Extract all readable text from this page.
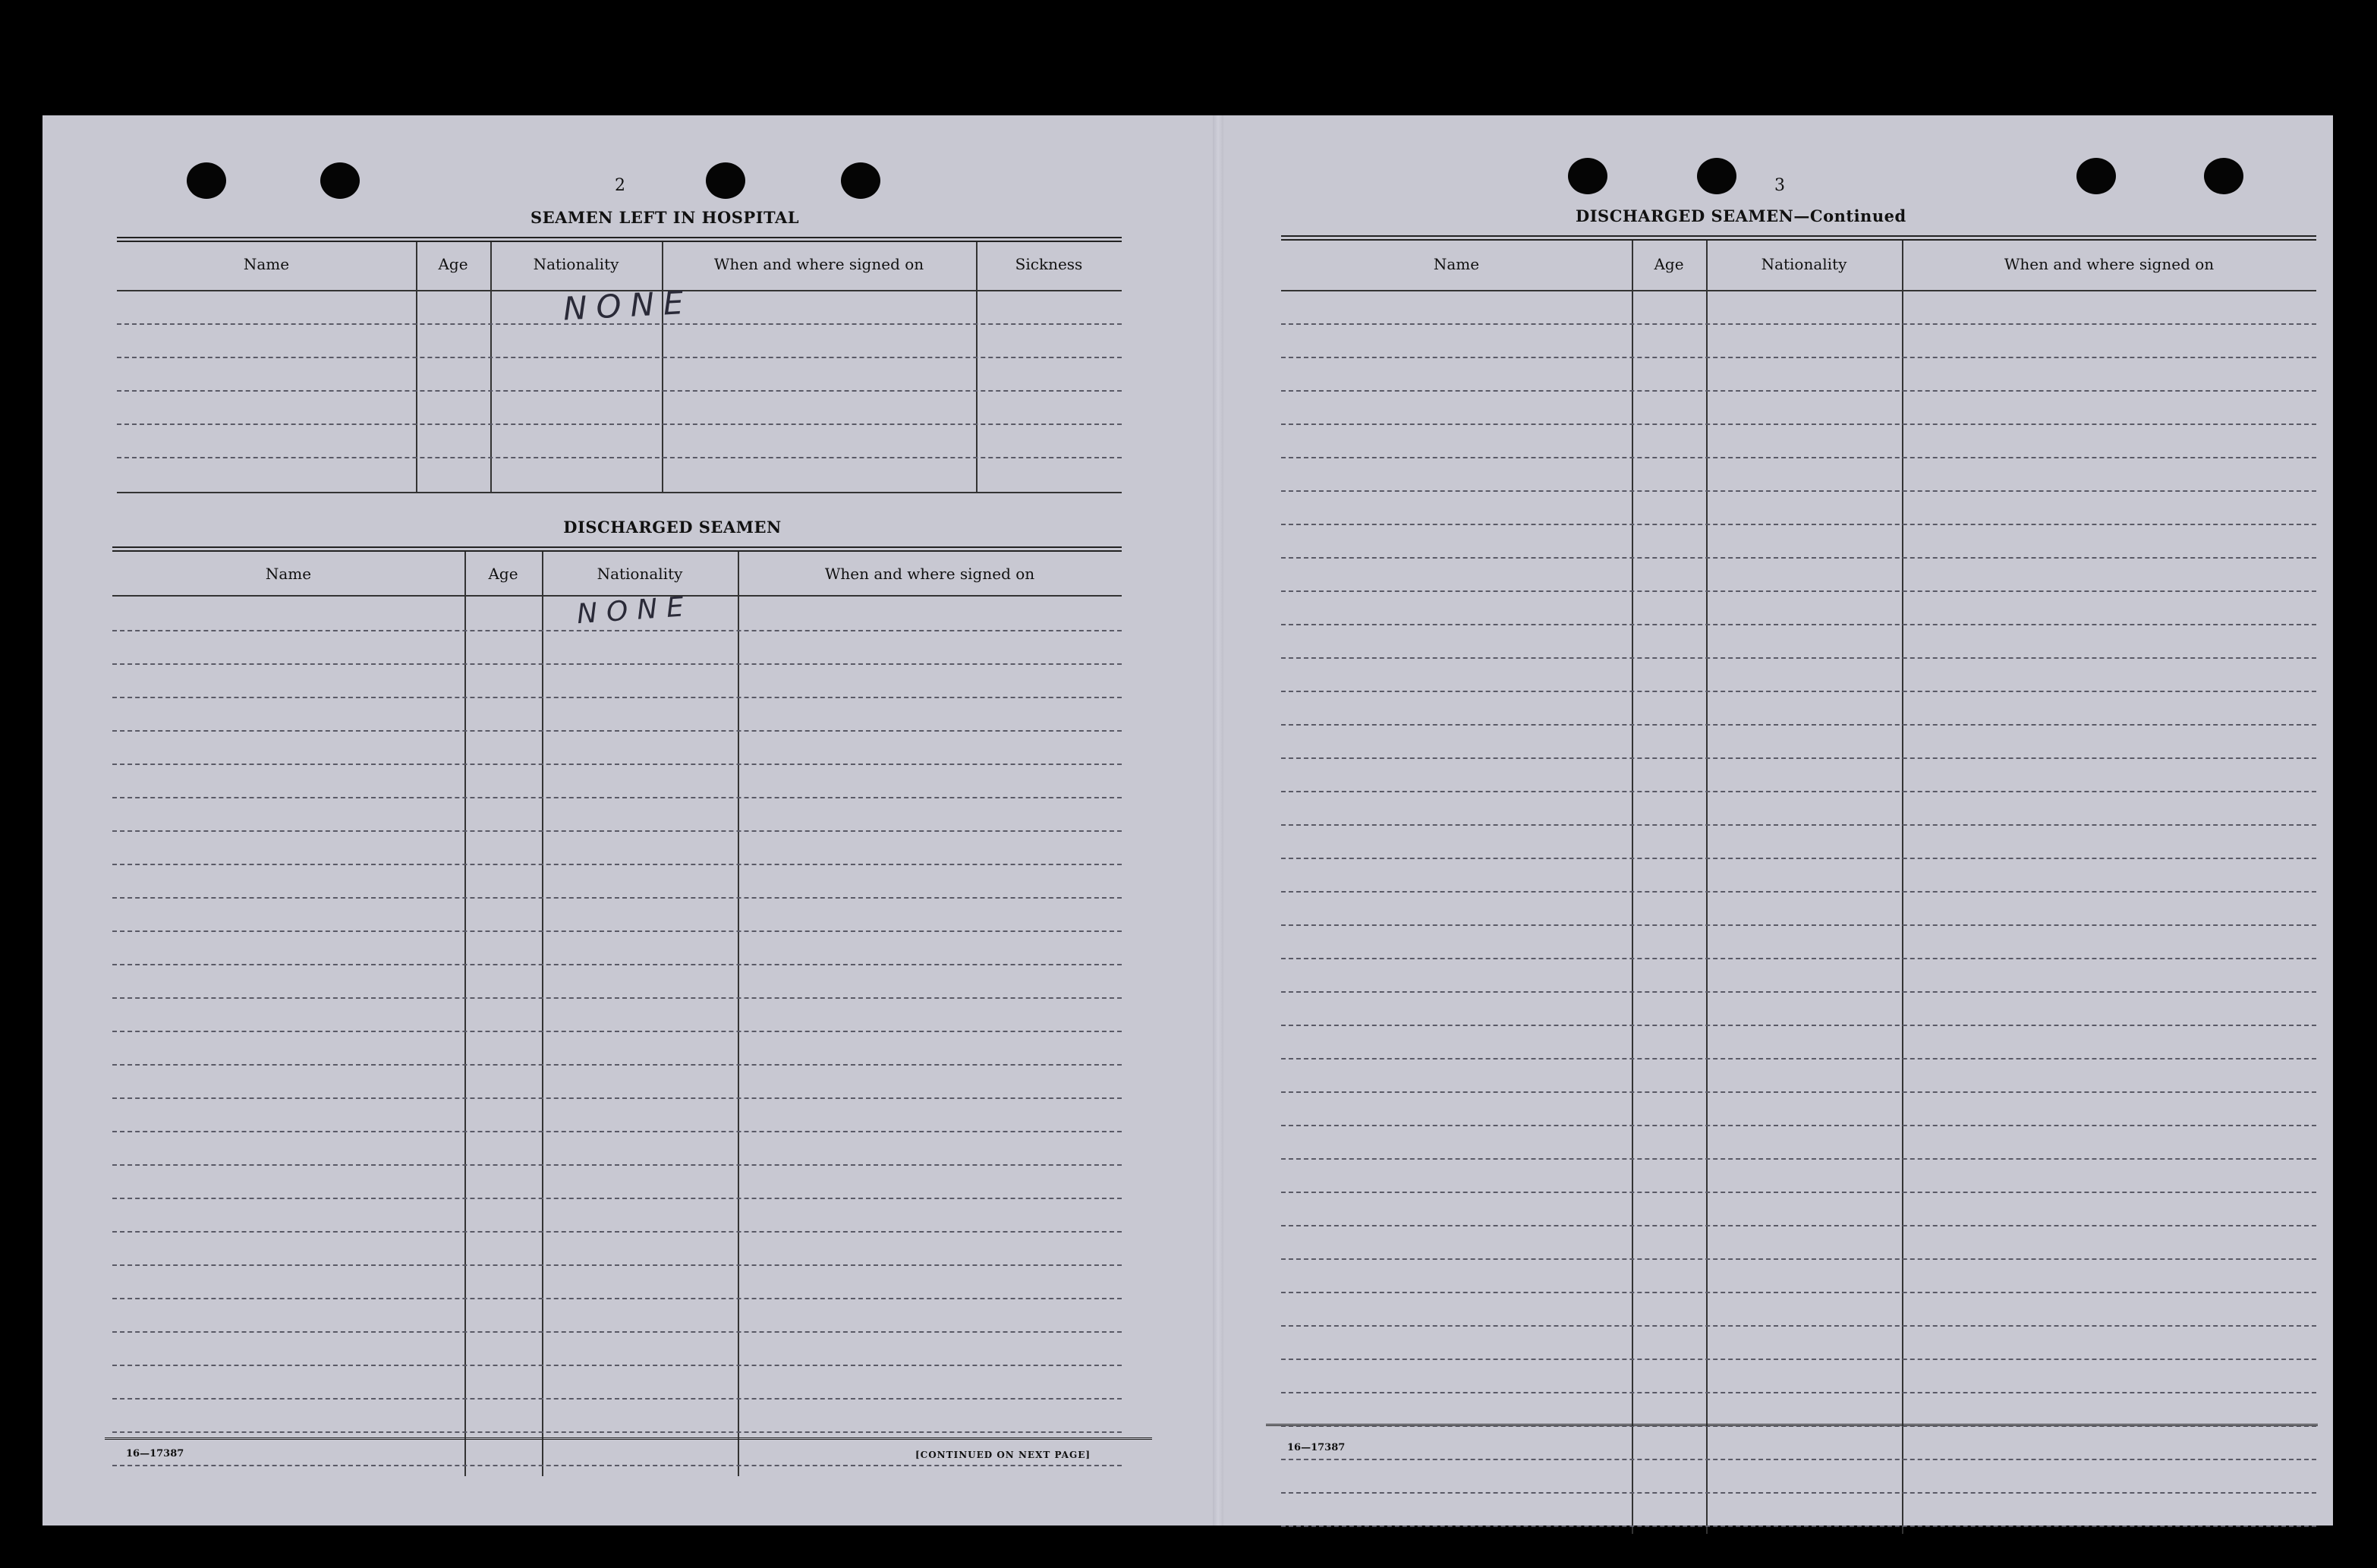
2
SEAMEN LEFT IN HOSPITAL
Name	Age	Nationality	When and where signed on	Sickness
NONE
DISCHARGED SEAMEN
Name	Age	Nationality	When and where signed on
NONE
16—17387	[CONTINUED ON NEXT PAGE]
3
DISCHARGED SEAMEN—Continued
Name	Age	Nationality	When and where signed on
16—17387
